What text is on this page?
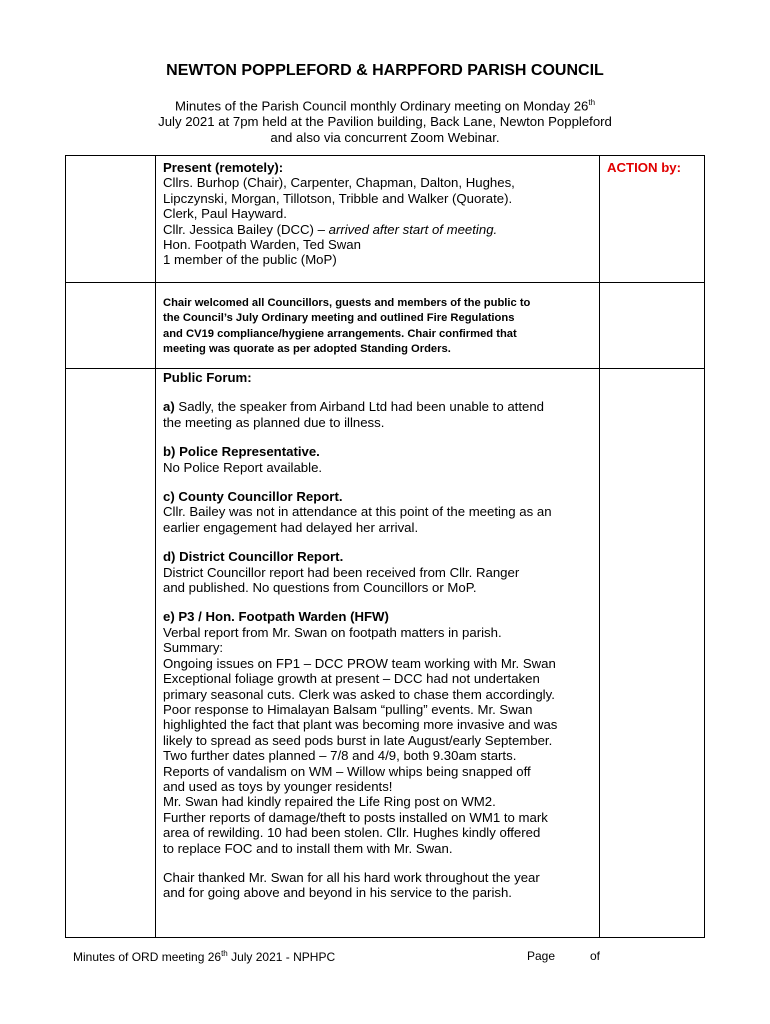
NEWTON POPPLEFORD & HARPFORD PARISH COUNCIL
Minutes of the Parish Council monthly Ordinary meeting on Monday 26th
July 2021 at 7pm held at the Pavilion building, Back Lane, Newton Poppleford
and also via concurrent Zoom Webinar.
ACTION by:

Present (remotely):

Cllrs. Burhop (Chair), Carpenter, Chapman, Dalton, Hughes,

Lipczynski, Morgan, Tillotson, Tribble and Walker (Quorate).

Clerk, Paul Hayward.

Cllr. Jessica Bailey (DCC) – arrived after start of meeting.

Hon. Footpath Warden, Ted Swan

1 member of the public (MoP)

Chair welcomed all Councillors, guests and members of the public to

the Council’s July Ordinary meeting and outlined Fire Regulations

and CV19 compliance/hygiene arrangements. Chair confirmed that

meeting was quorate as per adopted Standing Orders.

Public Forum:

a) Sadly, the speaker from Airband Ltd had been unable to attend

the meeting as planned due to illness.

b) Police Representative.

No Police Report available.

c) County Councillor Report.

Cllr. Bailey was not in attendance at this point of the meeting as an

earlier engagement had delayed her arrival.

d) District Councillor Report.

District Councillor report had been received from Cllr. Ranger

and published. No questions from Councillors or MoP.

e) P3 / Hon. Footpath Warden (HFW)

Verbal report from Mr. Swan on footpath matters in parish.

Summary:

Ongoing issues on FP1 – DCC PROW team working with Mr. Swan

Exceptional foliage growth at present – DCC had not undertaken

primary seasonal cuts. Clerk was asked to chase them accordingly.

Poor response to Himalayan Balsam “pulling” events. Mr. Swan

highlighted the fact that plant was becoming more invasive and was

likely to spread as seed pods burst in late August/early September.

Two further dates planned – 7/8 and 4/9, both 9.30am starts.

Reports of vandalism on WM – Willow whips being snapped off

and used as toys by younger residents!

Mr. Swan had kindly repaired the Life Ring post on WM2.

Further reports of damage/theft to posts installed on WM1 to mark

area of rewilding. 10 had been stolen. Cllr. Hughes kindly offered

to replace FOC and to install them with Mr. Swan.

Chair thanked Mr. Swan for all his hard work throughout the year

and for going above and beyond in his service to the parish.

Minutes of ORD meeting 26th July 2021 - NPHPC	Page	of
